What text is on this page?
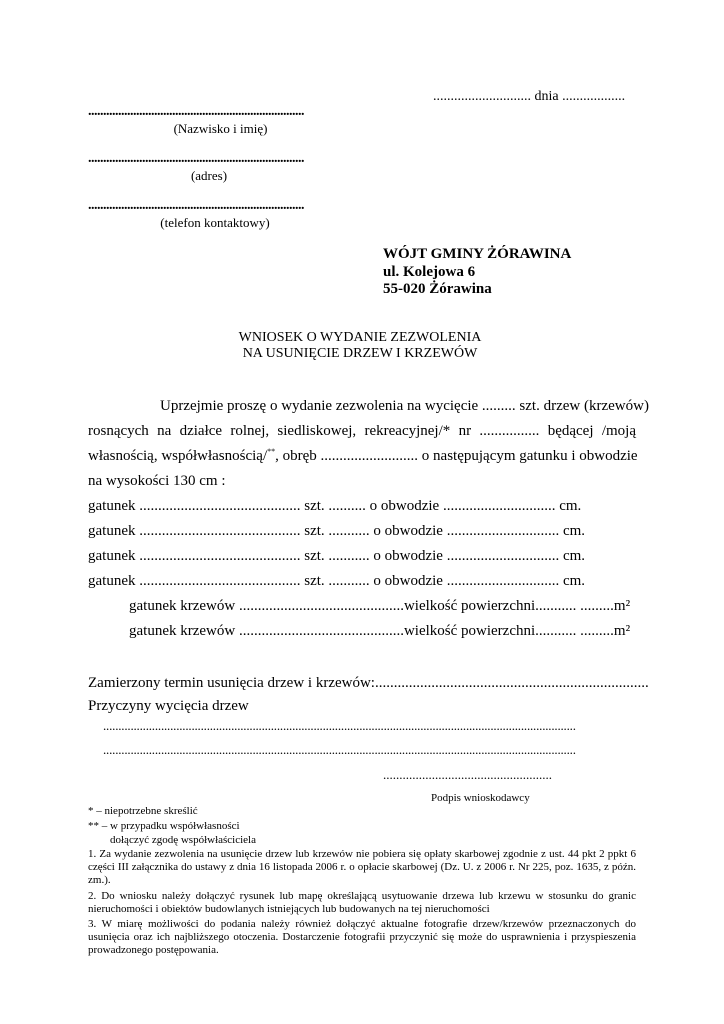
............................ dnia ..................
........................................................................
(Nazwisko i imię)
........................................................................
(adres)
........................................................................
(telefon kontaktowy)
WÓJT GMINY ŻÓRAWINA
ul. Kolejowa 6
55-020 Żórawina
WNIOSEK O WYDANIE ZEZWOLENIA
NA USUNIĘCIE DRZEW I KRZEWÓW
Uprzejmie proszę o wydanie zezwolenia na wycięcie ......... szt. drzew (krzewów)
rosnących na działce rolnej, siedliskowej, rekreacyjnej/* nr ................ będącej /moją
własnością, współwłasnością/** , obręb .......................... o następującym gatunku i obwodzie
na wysokości 130 cm :
gatunek ........................................... szt. .......... o obwodzie .............................. cm.
gatunek ........................................... szt. ........... o obwodzie .............................. cm.
gatunek ........................................... szt. ........... o obwodzie .............................. cm.
gatunek ........................................... szt. ........... o obwodzie .............................. cm.
gatunek krzewów ............................................wielkość powierzchni........... .........m²
gatunek krzewów ............................................wielkość powierzchni........... .........m²
Zamierzony termin usunięcia drzew i krzewów:.........................................................................
Przyczyny wycięcia drzew
...........................................................................................................................................................
...........................................................................................................................................................
....................................................
Podpis wnioskodawcy
* – niepotrzebne skreślić
** – w przypadku współwłasności
dołączyć zgodę współwłaściciela
1. Za wydanie zezwolenia na usunięcie drzew lub krzewów nie pobiera się opłaty skarbowej zgodnie z ust. 44 pkt 2 ppkt 6 części III załącznika do ustawy z dnia 16 listopada 2006 r. o opłacie skarbowej (Dz. U. z 2006 r. Nr 225, poz. 1635, z późn. zm.).
2. Do wniosku należy dołączyć rysunek lub mapę określającą usytuowanie drzewa lub krzewu w stosunku do granic nieruchomości i obiektów budowlanych istniejących lub budowanych na tej nieruchomości
3. W miarę możliwości do podania należy również dołączyć aktualne fotografie drzew/krzewów przeznaczonych do usunięcia oraz ich najbliższego otoczenia. Dostarczenie fotografii przyczynić się może do usprawnienia i przyspieszenia prowadzonego postępowania.
